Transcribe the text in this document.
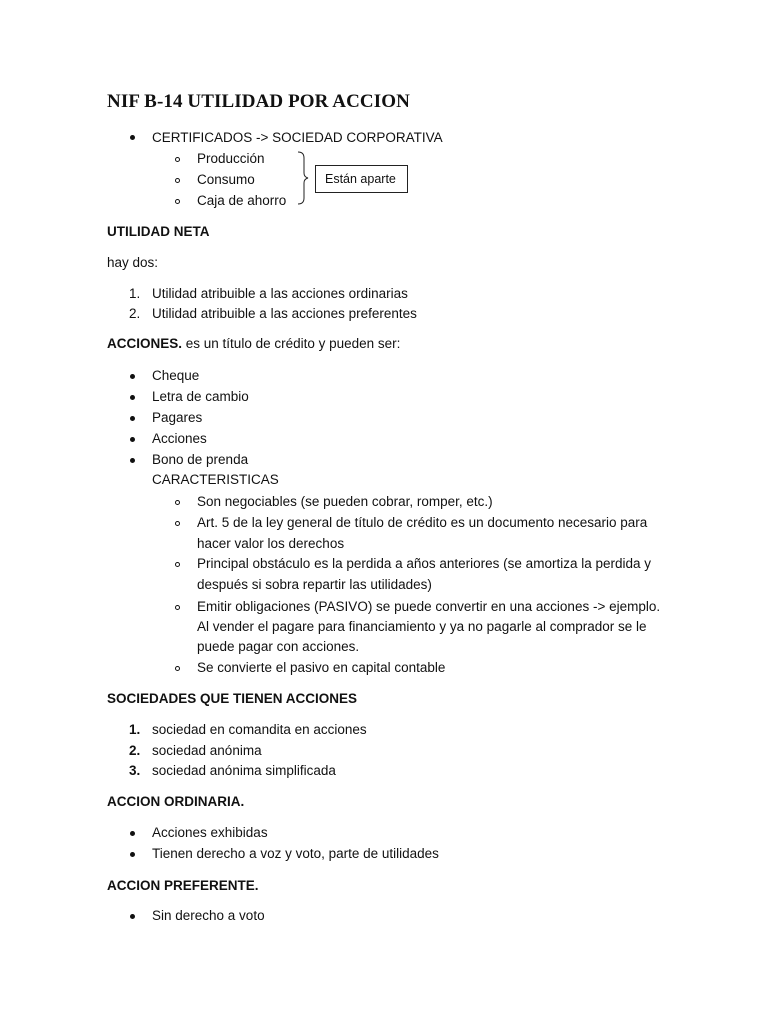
NIF B-14 UTILIDAD POR ACCION
CERTIFICADOS -> SOCIEDAD CORPORATIVA
Producción
Consumo
Caja de ahorro
Están aparte
UTILIDAD NETA
hay dos:
1. Utilidad atribuible a las acciones ordinarias
2. Utilidad atribuible a las acciones preferentes
ACCIONES. es un título de crédito y pueden ser:
Cheque
Letra de cambio
Pagares
Acciones
Bono de prenda
CARACTERISTICAS
Son negociables (se pueden cobrar, romper, etc.)
Art. 5 de la ley general de título de crédito es un documento necesario para
hacer valor los derechos
Principal obstáculo es la perdida a años anteriores (se amortiza la perdida y
después si sobra repartir las utilidades)
Emitir obligaciones (PASIVO) se puede convertir en una acciones -> ejemplo.
Al vender el pagare para financiamiento y ya no pagarle al comprador se le
puede pagar con acciones.
Se convierte el pasivo en capital contable
SOCIEDADES QUE TIENEN ACCIONES
1. sociedad en comandita en acciones
2. sociedad anónima
3. sociedad anónima simplificada
ACCION ORDINARIA.
Acciones exhibidas
Tienen derecho a voz y voto, parte de utilidades
ACCION PREFERENTE.
Sin derecho a voto
